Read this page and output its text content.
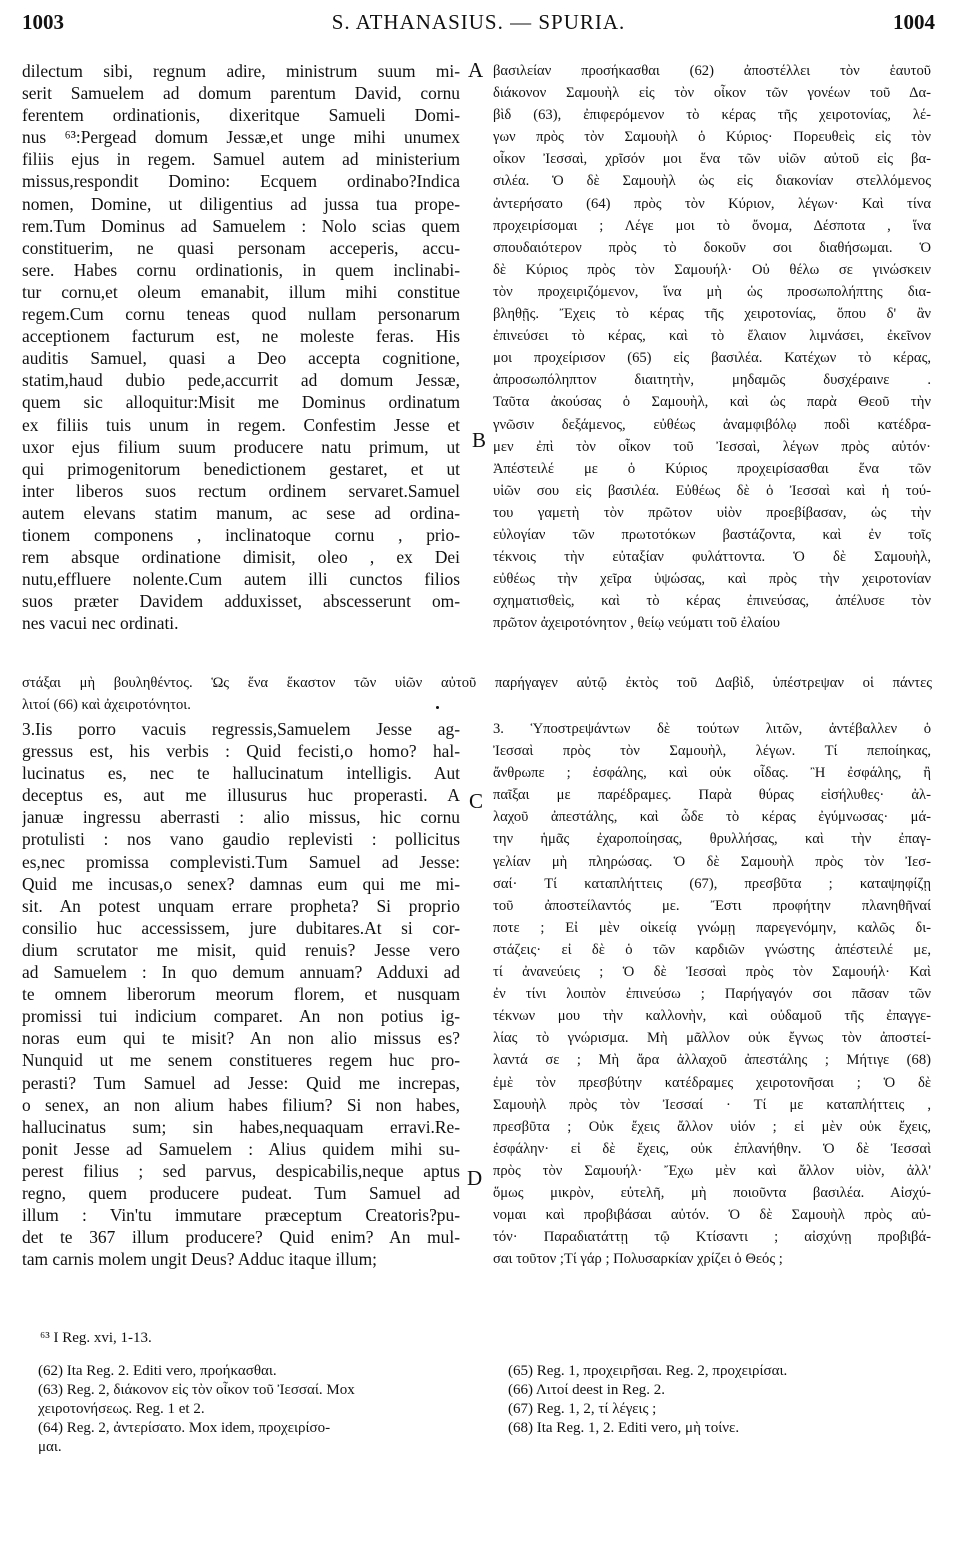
1003	S. ATHANASIUS. — SPURIA.	1004
dilectum sibi, regnum adire, ministrum suum mi-
serit Samuelem ad domum parentum David, cornu
ferentem ordinationis, dixeritque Samueli Domi-
nus ⁶³:Pergead domum Jessæ,et unge mihi unumex
filiis ejus in regem. Samuel autem ad ministerium
missus,respondit Domino: Ecquem ordinabo?Indica
nomen, Domine, ut diligentius ad jussa tua prope-
rem.Tum Dominus ad Samuelem : Nolo scias quem
constituerim, ne quasi personam acceperis, accu-
sere. Habes cornu ordinationis, in quem inclinabi-
tur cornu,et oleum emanabit, illum mihi constitue
regem.Cum cornu teneas quod nullam personarum
acceptionem facturum est, ne moleste feras. His
auditis Samuel, quasi a Deo accepta cognitione,
statim,haud dubio pede,accurrit ad domum Jessæ,
quem sic alloquitur:Misit me Dominus ordinatum
ex filiis tuis unum in regem. Confestim Jesse et
uxor ejus filium suum producere natu primum, ut
qui primogenitorum benedictionem gestaret, et ut
inter liberos suos rectum ordinem servaret.Samuel
autem elevans statim manum, ac sese ad ordina-
tionem componens , inclinatoque cornu , prio-
rem absque ordinatione dimisit, oleo , ex Dei
nutu,effluere nolente.Cum autem illi cunctos filios
suos præter Davidem adduxisset, abscesserunt om-
nes vacui nec ordinati.
βασιλείαν προσήκασθαι (62) ἀποστέλλει τὸν ἑαυτοῦ
διάκονον Σαμουὴλ εἰς τὸν οἶκον τῶν γονέων τοῦ Δα-
βὶδ (63), ἐπιφερόμενον τὸ κέρας τῆς χειροτονίας, λέ-
γων πρὸς τὸν Σαμουὴλ ὁ Κύριος· Πορευθεὶς εἰς τὸν
οἶκον Ἰεσσαὶ, χρῖσόν μοι ἕνα τῶν υἱῶν αὐτοῦ εἰς βα-
σιλέα. Ὁ δὲ Σαμουὴλ ὡς εἰς διακονίαν στελλόμενος
ἀντερήσατο (64) πρὸς τὸν Κύριον, λέγων· Καὶ τίνα
προχειρίσομαι ; Λέγε μοι τὸ ὄνομα, Δέσποτα , ἵνα
σπουδαιότερον πρὸς τὸ δοκοῦν σοι διαθήσωμαι. Ὁ
δὲ Κύριος πρὸς τὸν Σαμουήλ· Οὐ θέλω σε γινώσκειν
τὸν προχειριζόμενον, ἵνα μὴ ὡς προσωπολήπτης δια-
βληθῇς. Ἔχεις τὸ κέρας τῆς χειροτονίας, ὅπου δ' ἂν
ἐπινεύσει τὸ κέρας, καὶ τὸ ἔλαιον λιμνάσει, ἐκεῖνον
μοι προχείρισον (65) εἰς βασιλέα. Κατέχων τὸ κέρας,
ἀπροσωπόληπτον διαιτητὴν, μηδαμῶς δυσχέραινε .
Ταῦτα ἀκούσας ὁ Σαμουὴλ, καὶ ὡς παρὰ Θεοῦ τὴν
γνῶσιν δεξάμενος, εὐθέως ἀναμφιβόλῳ ποδὶ κατέδρα-
μεν ἐπὶ τὸν οἶκον τοῦ Ἰεσσαὶ, λέγων πρὸς αὐτόν·
Ἀπέστειλέ με ὁ Κύριος προχειρίσασθαι ἕνα τῶν
υἱῶν σου εἰς βασιλέα. Εὐθέως δὲ ὁ Ἰεσσαὶ καὶ ἡ τού-
του γαμετὴ τὸν πρῶτον υἱὸν προεβίβασαν, ὡς τὴν
εὐλογίαν τῶν πρωτοτόκων βαστάζοντα, καὶ ἐν τοῖς
τέκνοις τὴν εὐταξίαν φυλάττοντα. Ὁ δὲ Σαμουὴλ,
εὐθέως τὴν χεῖρα ὑψώσας, καὶ πρὸς τὴν χειροτονίαν
σχηματισθεὶς, καὶ τὸ κέρας ἐπινεύσας, ἀπέλυσε τὸν
πρῶτον ἀχειροτόνητον , θείῳ νεύματι τοῦ ἐλαίου
στάξαι μὴ βουληθέντος. Ὡς ἕνα ἕκαστον τῶν υἱῶν αὐτοῦ παρήγαγεν αὐτῷ ἐκτὸς τοῦ Δαβὶδ, ὑπέστρεψαν οἱ πάντες
λιτοί (66) καὶ ἀχειροτόνητοι.
3.Iis porro vacuis regressis,Samuelem Jesse ag-
gressus est, his verbis : Quid fecisti,o homo? hal-
lucinatus es, nec te hallucinatum intelligis. Aut
deceptus es, aut me illusurus huc properasti. A
januæ ingressu aberrasti : alio missus, hic cornu
protulisti : nos vano gaudio replevisti : pollicitus
es,nec promissa complevisti.Tum Samuel ad Jesse:
Quid me incusas,o senex? damnas eum qui me mi-
sit. An potest unquam errare propheta? Si proprio
consilio huc accessissem, jure dubitares.At si cor-
dium scrutator me misit, quid renuis? Jesse vero
ad Samuelem : In quo demum annuam? Adduxi ad
te omnem liberorum meorum florem, et nusquam
promissi tui indicium comparet. An non potius ig-
noras eum qui te misit? An non alio missus es?
Nunquid ut me senem constitueres regem huc pro-
perasti? Tum Samuel ad Jesse: Quid me increpas,
o senex, an non alium habes filium? Si non habes,
hallucinatus sum; sin habes,nequaquam erravi.Re-
ponit Jesse ad Samuelem : Alius quidem mihi su-
perest filius ; sed parvus, despicabilis,neque aptus
regno, quem producere pudeat. Tum Samuel ad
illum : Vin'tu immutare præceptum Creatoris?pu-
det te 367 illum producere? Quid enim? An mul-
tam carnis molem ungit Deus? Adduc itaque illum;
3. Ὑποστρεψάντων δὲ τούτων λιτῶν, ἀντέβαλλεν ὁ
Ἰεσσαὶ πρὸς τὸν Σαμουὴλ, λέγων. Τί πεποίηκας,
ἄνθρωπε ; ἐσφάλης, καὶ οὐκ οἶδας. Ἢ ἐσφάλης, ἢ
παῖξαι με παρέδραμες. Παρὰ θύρας εἰσήλυθες· ἀλ-
λαχοῦ ἀπεστάλης, καὶ ὧδε τὸ κέρας ἐγύμνωσας· μά-
την ἡμᾶς ἐχαροποίησας, θρυλλήσας, καὶ τὴν ἐπαγ-
γελίαν μὴ πληρώσας. Ὁ δὲ Σαμουὴλ πρὸς τὸν Ἰεσ-
σαί· Τί καταπλήττεις (67), πρεσβῦτα ; καταψηφίζῃ
τοῦ ἀποστείλαντός με. Ἔστι προφήτην πλανηθῆναί
ποτε ; Εἰ μὲν οἰκείᾳ γνώμῃ παρεγενόμην, καλῶς δι-
στάζεις· εἰ δὲ ὁ τῶν καρδιῶν γνώστης ἀπέστειλέ με,
τί ἀνανεύεις ; Ὁ δὲ Ἰεσσαὶ πρὸς τὸν Σαμουήλ· Καὶ
ἐν τίνι λοιπὸν ἐπινεύσω ; Παρήγαγόν σοι πᾶσαν τῶν
τέκνων μου τὴν καλλονὴν, καὶ οὐδαμοῦ τῆς ἐπαγγε-
λίας τὸ γνώρισμα. Μὴ μᾶλλον οὐκ ἔγνως τὸν ἀποστεί-
λαντά σε ; Μὴ ἄρα ἀλλαχοῦ ἀπεστάλης ; Μήτιγε (68)
ἐμὲ τὸν πρεσβύτην κατέδραμες χειροτονῆσαι ; Ὁ δὲ
Σαμουὴλ πρὸς τὸν Ἰεσσαί · Τί με καταπλήττεις ,
πρεσβῦτα ; Οὐκ ἔχεις ἄλλον υἱόν ; εἰ μὲν οὐκ ἔχεις,
ἐσφάλην· εἰ δὲ ἔχεις, οὐκ ἐπλανήθην. Ὁ δὲ Ἰεσσαὶ
πρὸς τὸν Σαμουήλ· Ἔχω μὲν καὶ ἄλλον υἱὸν, ἀλλ'
ὅμως μικρὸν, εὐτελῆ, μὴ ποιοῦντα βασιλέα. Αἰσχύ-
νομαι καὶ προβιβάσαι αὐτόν. Ὁ δὲ Σαμουὴλ πρὸς αὐ-
τόν· Παραδιατάττῃ τῷ Κτίσαντι ; αἰσχύνῃ προβιβά-
σαι τοῦτον ;Τί γάρ ; Πολυσαρκίαν χρίζει ὁ Θεός ;
A
B
C
D
⁶³ I Reg. xvi, 1-13.
(62) Ita Reg. 2. Editi vero, προήκασθαι.
(63) Reg. 2, διάκονον εἰς τὸν οἶκον τοῦ Ἰεσσαί. Mox
χειροτονήσεως. Reg. 1 et 2.
(64) Reg. 2, ἀντερίσατο. Mox idem, προχειρίσο-
μαι.
(65) Reg. 1, προχειρῆσαι. Reg. 2, προχειρίσαι.
(66) Λιτοί deest in Reg. 2.
(67) Reg. 1, 2, τί λέγεις ;
(68) Ita Reg. 1, 2. Editi vero, μὴ τοίνε.
